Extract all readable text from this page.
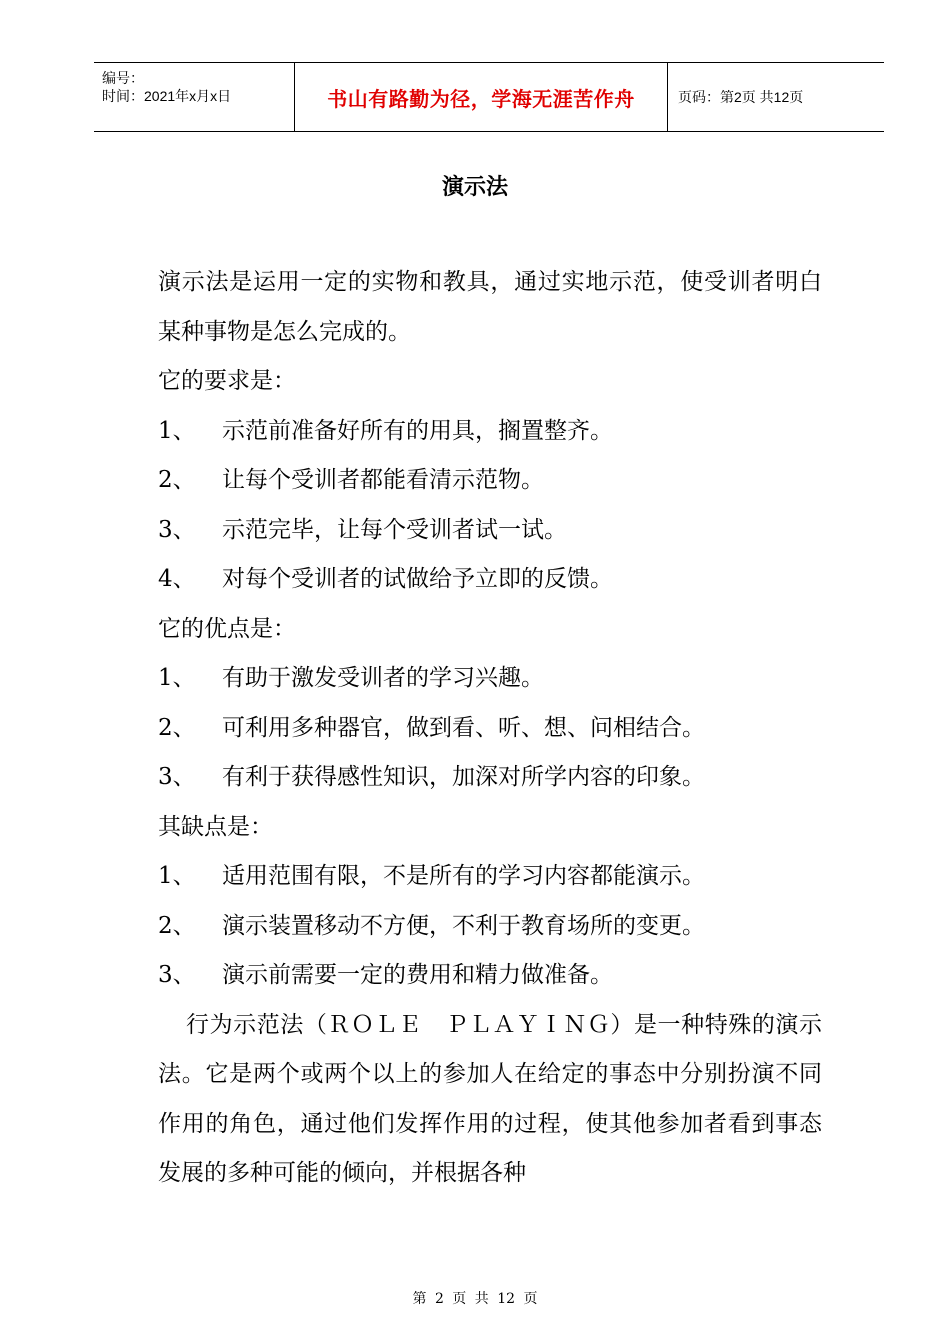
编号：
时间：2021年x月x日	书山有路勤为径，学海无涯苦作舟	页码：第2页 共12页
演示法

演示法是运用一定的实物和教具，通过实地示范，使受训者明白某种事物是怎么完成的。

它的要求是：

1、	示范前准备好所有的用具，搁置整齐。
2、	让每个受训者都能看清示范物。
3、	示范完毕，让每个受训者试一试。
4、	对每个受训者的试做给予立即的反馈。

它的优点是：

1、	有助于激发受训者的学习兴趣。
2、	可利用多种器官，做到看、听、想、问相结合。
3、	有利于获得感性知识，加深对所学内容的印象。

其缺点是：

1、	适用范围有限，不是所有的学习内容都能演示。
2、	演示装置移动不方便，不利于教育场所的变更。
3、	演示前需要一定的费用和精力做准备。

行为示范法（ＲＯＬＥ　ＰＬＡＹＩＮＧ）是一种特殊的演示法。它是两个或两个以上的参加人在给定的事态中分别扮演不同作用的角色，通过他们发挥作用的过程，使其他参加者看到事态发展的多种可能的倾向，并根据各种

第 2 页 共 12 页
